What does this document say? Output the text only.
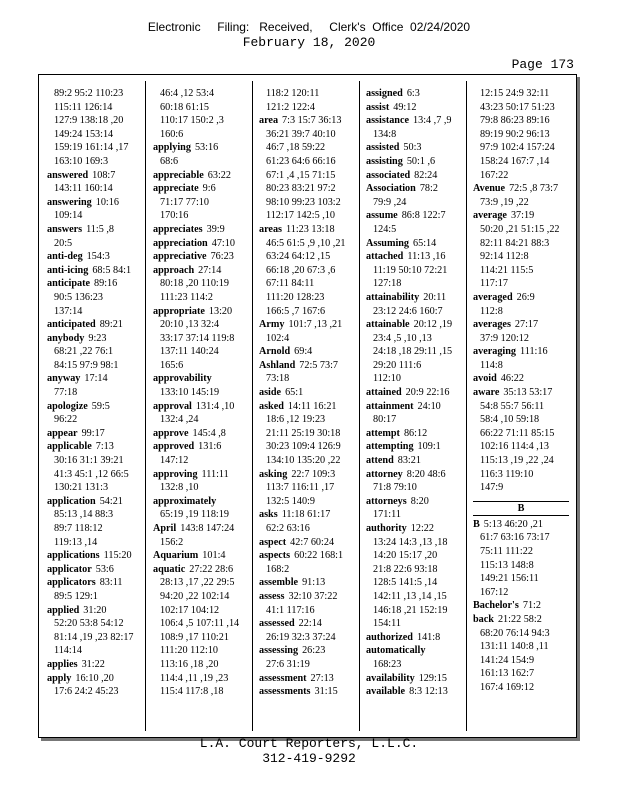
Electronic     Filing:   Received,     Clerk's  Office  02/24/2020
February 18, 2020
Page 173
89:2 95:2 110:23
115:11 126:14
127:9 138:18 ,20
149:24 153:14
159:19 161:14 ,17
163:10 169:3
answered 108:7
143:11 160:14
answering 10:16
109:14
answers 11:5 ,8
20:5
anti-deg 154:3
anti-icing 68:5 84:1
anticipate 89:16
90:5 136:23
137:14
anticipated 89:21
anybody 9:23
68:21 ,22 76:1
84:15 97:9 98:1
anyway 17:14
77:18
apologize 59:5
96:22
appear 99:17
applicable 7:13
30:16 31:1 39:21
41:3 45:1 ,12 66:5
130:21 131:3
application 54:21
85:13 ,14 88:3
89:7 118:12
119:13 ,14
applications 115:20
applicator 53:6
applicators 83:11
89:5 129:1
applied 31:20
52:20 53:8 54:12
81:14 ,19 ,23 82:17
114:14
applies 31:22
apply 16:10 ,20
17:6 24:2 45:23
46:4 ,12 53:4
60:18 61:15
110:17 150:2 ,3
160:6
applying 53:16
68:6
appreciable 63:22
appreciate 9:6
71:17 77:10
170:16
appreciates 39:9
appreciation 47:10
appreciative 76:23
approach 27:14
80:18 ,20 110:19
111:23 114:2
appropriate 13:20
20:10 ,13 32:4
33:17 37:14 119:8
137:11 140:24
165:6
approvability
133:10 145:19
approval 131:4 ,10
132:4 ,24
approve 145:4 ,8
approved 131:6
147:12
approving 111:11
132:8 ,10
approximately
65:19 ,19 118:19
April 143:8 147:24
156:2
Aquarium 101:4
aquatic 27:22 28:6
28:13 ,17 ,22 29:5
94:20 ,22 102:14
102:17 104:12
106:4 ,5 107:11 ,14
108:9 ,17 110:21
111:20 112:10
113:16 ,18 ,20
114:4 ,11 ,19 ,23
115:4 117:8 ,18
118:2 120:11
121:2 122:4
area 7:3 15:7 36:13
36:21 39:7 40:10
46:7 ,18 59:22
61:23 64:6 66:16
67:1 ,4 ,15 71:15
80:23 83:21 97:2
98:10 99:23 103:2
112:17 142:5 ,10
areas 11:23 13:18
46:5 61:5 ,9 ,10 ,21
63:24 64:12 ,15
66:18 ,20 67:3 ,6
67:11 84:11
111:20 128:23
166:5 ,7 167:6
Army 101:7 ,13 ,21
102:4
Arnold 69:4
Ashland 72:5 73:7
73:18
aside 65:1
asked 14:11 16:21
18:6 ,12 19:23
21:11 25:19 30:18
30:23 109:4 126:9
134:10 135:20 ,22
asking 22:7 109:3
113:7 116:11 ,17
132:5 140:9
asks 11:18 61:17
62:2 63:16
aspect 42:7 60:24
aspects 60:22 168:1
168:2
assemble 91:13
assess 32:10 37:22
41:1 117:16
assessed 22:14
26:19 32:3 37:24
assessing 26:23
27:6 31:19
assessment 27:13
assessments 31:15
assigned 6:3
assist 49:12
assistance 13:4 ,7 ,9
134:8
assisted 50:3
assisting 50:1 ,6
associated 82:24
Association 78:2
79:9 ,24
assume 86:8 122:7
124:5
Assuming 65:14
attached 11:13 ,16
11:19 50:10 72:21
127:18
attainability 20:11
23:12 24:6 160:7
attainable 20:12 ,19
23:4 ,5 ,10 ,13
24:18 ,18 29:11 ,15
29:20 111:6
112:10
attained 20:9 22:16
attainment 24:10
80:17
attempt 86:12
attempting 109:1
attend 83:21
attorney 8:20 48:6
71:8 79:10
attorneys 8:20
171:11
authority 12:22
13:24 14:3 ,13 ,18
14:20 15:17 ,20
21:8 22:6 93:18
128:5 141:5 ,14
142:11 ,13 ,14 ,15
146:18 ,21 152:19
154:11
authorized 141:8
automatically
168:23
availability 129:15
available 8:3 12:13
12:15 24:9 32:11
43:23 50:17 51:23
79:8 86:23 89:16
89:19 90:2 96:13
97:9 102:4 157:24
158:24 167:7 ,14
167:22
Avenue 72:5 ,8 73:7
73:9 ,19 ,22
average 37:19
50:20 ,21 51:15 ,22
82:11 84:21 88:3
92:14 112:8
114:21 115:5
117:17
averaged 26:9
112:8
averages 27:17
37:9 120:12
averaging 111:16
114:8
avoid 46:22
aware 35:13 53:17
54:8 55:7 56:11
58:4 ,10 59:18
66:22 71:11 85:15
102:16 114:4 ,13
115:13 ,19 ,22 ,24
116:3 119:10
147:9
B
B 5:13 46:20 ,21
61:7 63:16 73:17
75:11 111:22
115:13 148:8
149:21 156:11
167:12
Bachelor's 71:2
back 21:22 58:2
68:20 76:14 94:3
131:11 140:8 ,11
141:24 154:9
161:13 162:7
167:4 169:12
L.A. Court Reporters, L.L.C.
312-419-9292
